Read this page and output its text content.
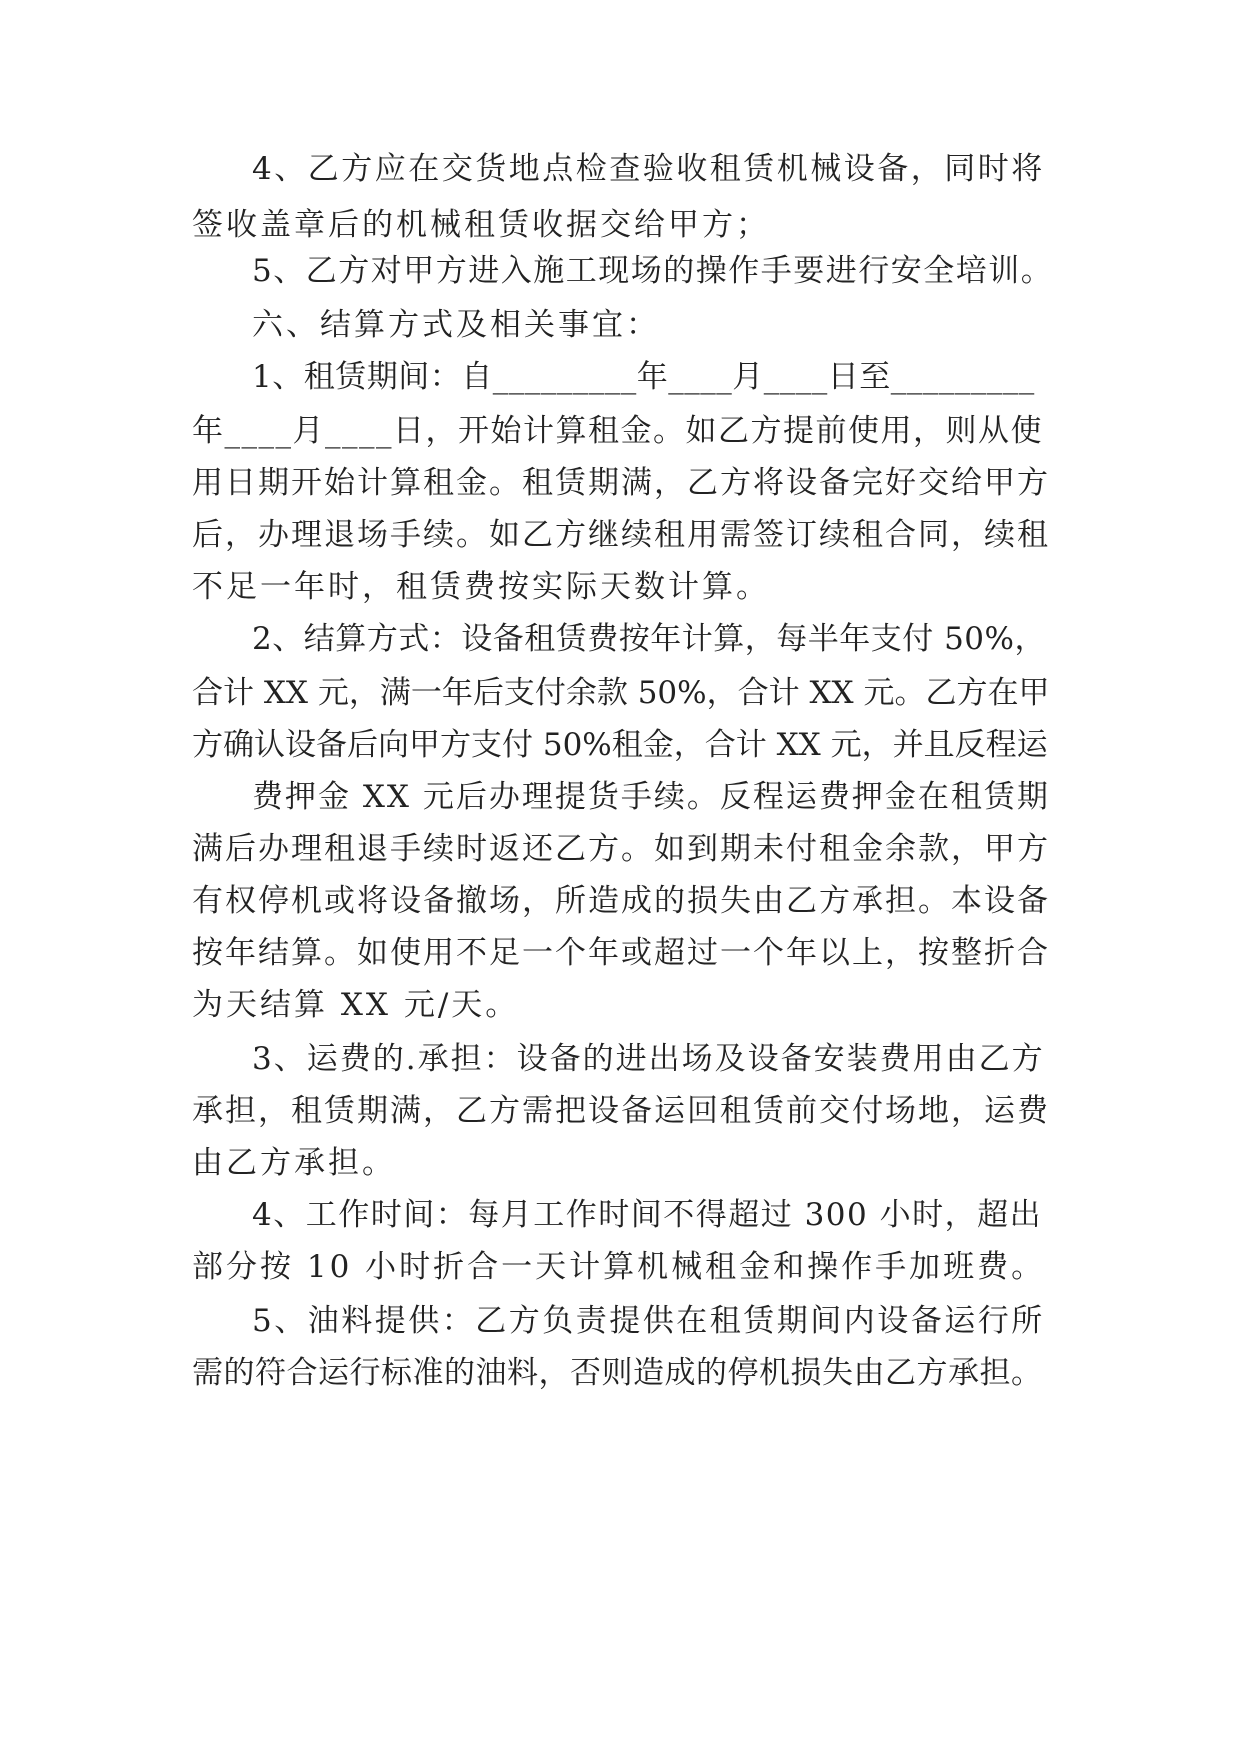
4、乙方应在交货地点检查验收租赁机械设备，同时将

签收盖章后的机械租赁收据交给甲方；

5、乙方对甲方进入施工现场的操作手要进行安全培训。

六、结算方式及相关事宜：

1、租赁期间：自_________年____月____日至_________

年____月____日，开始计算租金。如乙方提前使用，则从使

用日期开始计算租金。租赁期满，乙方将设备完好交给甲方

后，办理退场手续。如乙方继续租用需签订续租合同，续租

不足一年时，租赁费按实际天数计算。

2、结算方式：设备租赁费按年计算，每半年支付 50%，

合计 XX 元，满一年后支付余款 50%，合计 XX 元。乙方在甲

方确认设备后向甲方支付 50%租金，合计 XX 元，并且反程运

费押金 XX 元后办理提货手续。反程运费押金在租赁期

满后办理租退手续时返还乙方。如到期未付租金余款，甲方

有权停机或将设备撤场，所造成的损失由乙方承担。本设备

按年结算。如使用不足一个年或超过一个年以上，按整折合

为天结算 XX 元/天。

3、运费的.承担：设备的进出场及设备安装费用由乙方

承担，租赁期满，乙方需把设备运回租赁前交付场地，运费

由乙方承担。

4、工作时间：每月工作时间不得超过 300 小时，超出

部分按 10 小时折合一天计算机械租金和操作手加班费。

5、油料提供：乙方负责提供在租赁期间内设备运行所

需的符合运行标准的油料，否则造成的停机损失由乙方承担。
